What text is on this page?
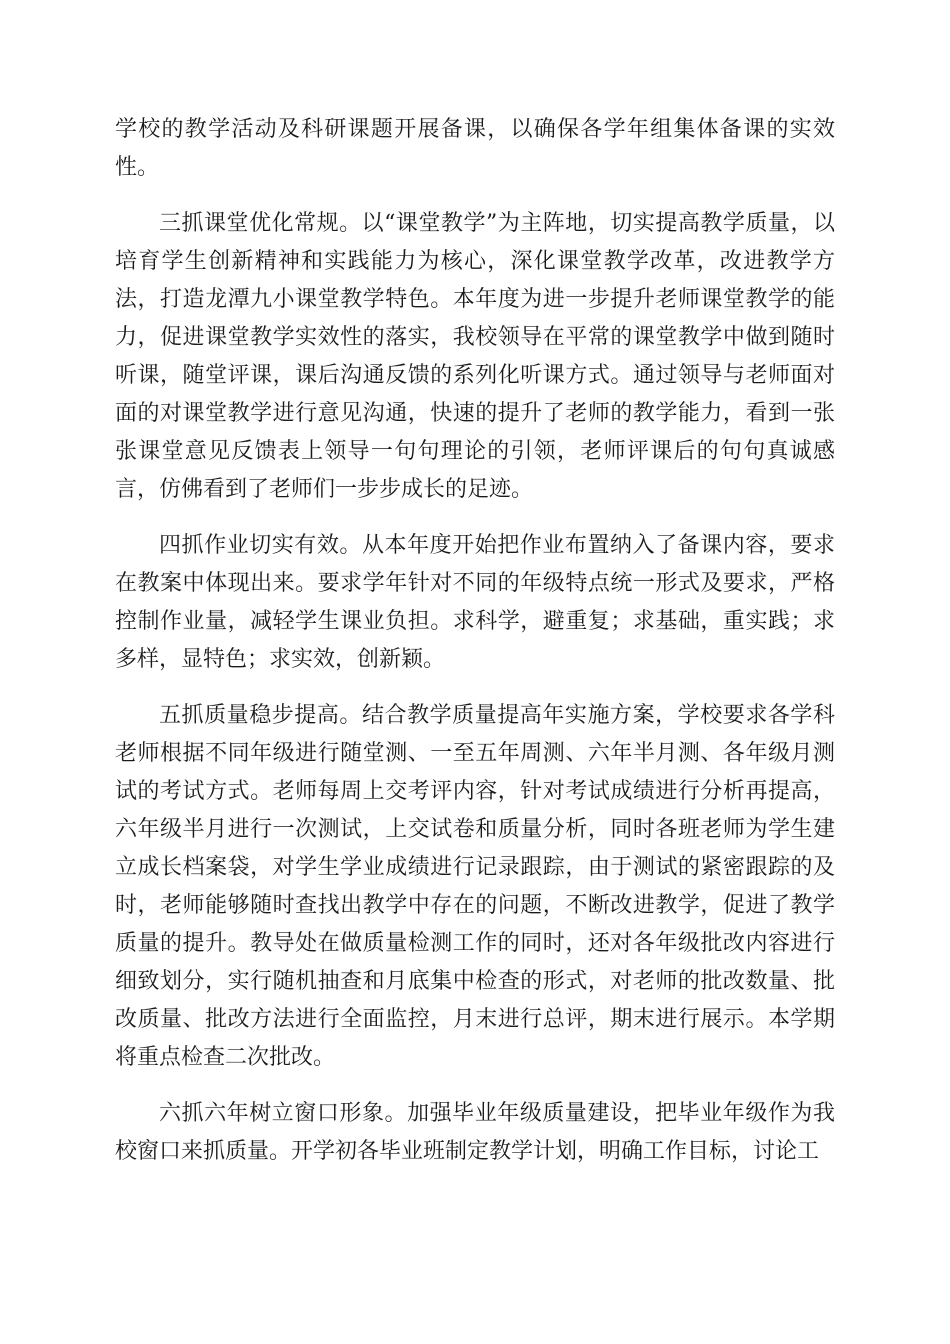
学校的教学活动及科研课题开展备课，以确保各学年组集体备课的实效性。

三抓课堂优化常规。以“课堂教学”为主阵地，切实提高教学质量，以培育学生创新精神和实践能力为核心，深化课堂教学改革，改进教学方法，打造龙潭九小课堂教学特色。本年度为进一步提升老师课堂教学的能力，促进课堂教学实效性的落实，我校领导在平常的课堂教学中做到随时听课，随堂评课，课后沟通反馈的系列化听课方式。通过领导与老师面对面的对课堂教学进行意见沟通，快速的提升了老师的教学能力，看到一张张课堂意见反馈表上领导一句句理论的引领，老师评课后的句句真诚感言，仿佛看到了老师们一步步成长的足迹。

四抓作业切实有效。从本年度开始把作业布置纳入了备课内容，要求在教案中体现出来。要求学年针对不同的年级特点统一形式及要求，严格控制作业量，减轻学生课业负担。求科学，避重复；求基础，重实践；求多样，显特色；求实效，创新颖。

五抓质量稳步提高。结合教学质量提高年实施方案，学校要求各学科老师根据不同年级进行随堂测、一至五年周测、六年半月测、各年级月测试的考试方式。老师每周上交考评内容，针对考试成绩进行分析再提高，六年级半月进行一次测试，上交试卷和质量分析，同时各班老师为学生建立成长档案袋，对学生学业成绩进行记录跟踪，由于测试的紧密跟踪的及时，老师能够随时查找出教学中存在的问题，不断改进教学，促进了教学质量的提升。教导处在做质量检测工作的同时，还对各年级批改内容进行细致划分，实行随机抽查和月底集中检查的形式，对老师的批改数量、批改质量、批改方法进行全面监控，月末进行总评，期末进行展示。本学期将重点检查二次批改。

六抓六年树立窗口形象。加强毕业年级质量建设，把毕业年级作为我校窗口来抓质量。开学初各毕业班制定教学计划，明确工作目标，讨论工
